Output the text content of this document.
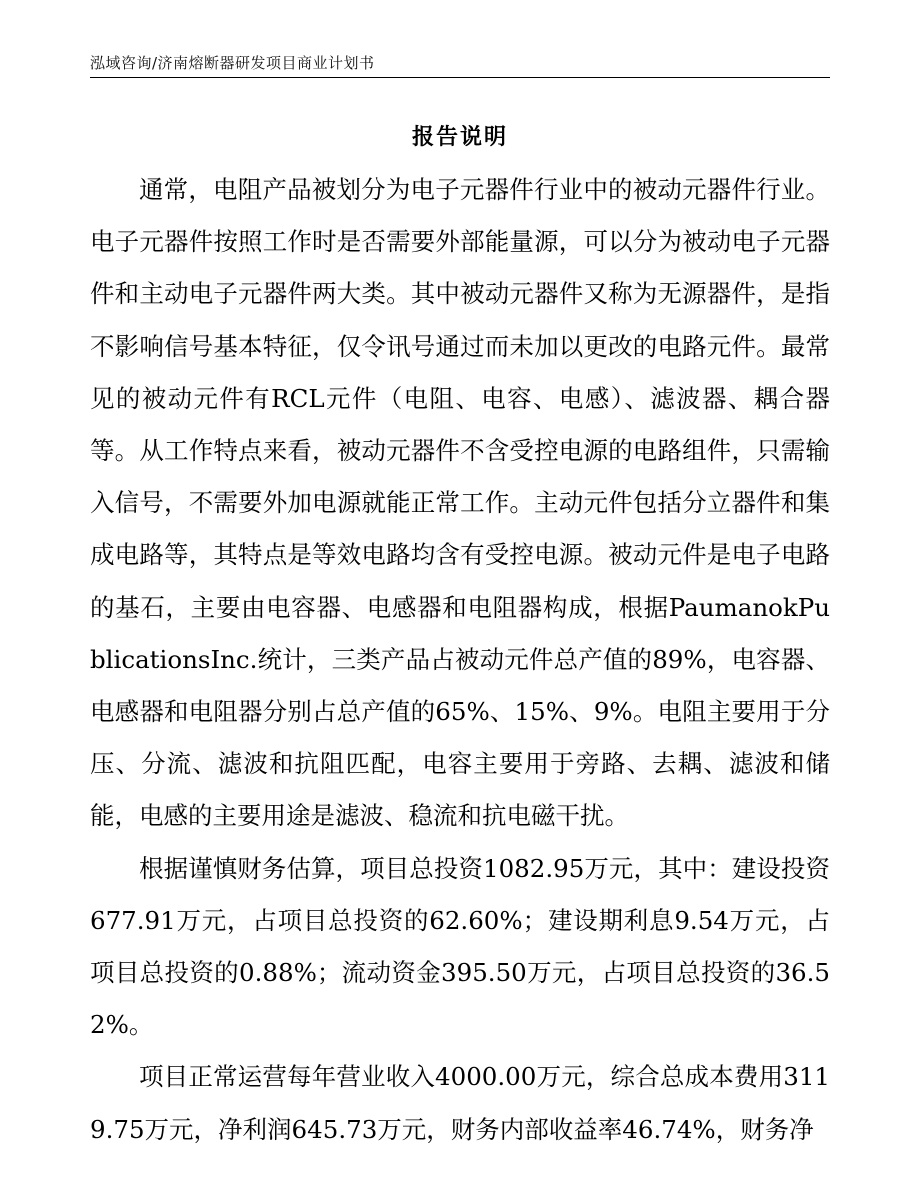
泓域咨询/济南熔断器研发项目商业计划书
报告说明

通常，电阻产品被划分为电子元器件行业中的被动元器件行业。电子元器件按照工作时是否需要外部能量源，可以分为被动电子元器件和主动电子元器件两大类。其中被动元器件又称为无源器件，是指不影响信号基本特征，仅令讯号通过而未加以更改的电路元件。最常见的被动元件有RCL元件（电阻、电容、电感）、滤波器、耦合器等。从工作特点来看，被动元器件不含受控电源的电路组件，只需输入信号，不需要外加电源就能正常工作。主动元件包括分立器件和集成电路等，其特点是等效电路均含有受控电源。被动元件是电子电路的基石，主要由电容器、电感器和电阻器构成，根据PaumanokPublicationsInc.统计，三类产品占被动元件总产值的89%，电容器、电感器和电阻器分别占总产值的65%、15%、9%。电阻主要用于分压、分流、滤波和抗阻匹配，电容主要用于旁路、去耦、滤波和储能，电感的主要用途是滤波、稳流和抗电磁干扰。

根据谨慎财务估算，项目总投资1082.95万元，其中：建设投资677.91万元，占项目总投资的62.60%；建设期利息9.54万元，占项目总投资的0.88%；流动资金395.50万元，占项目总投资的36.52%。

项目正常运营每年营业收入4000.00万元，综合总成本费用3119.75万元，净利润645.73万元，财务内部收益率46.74%，财务净
